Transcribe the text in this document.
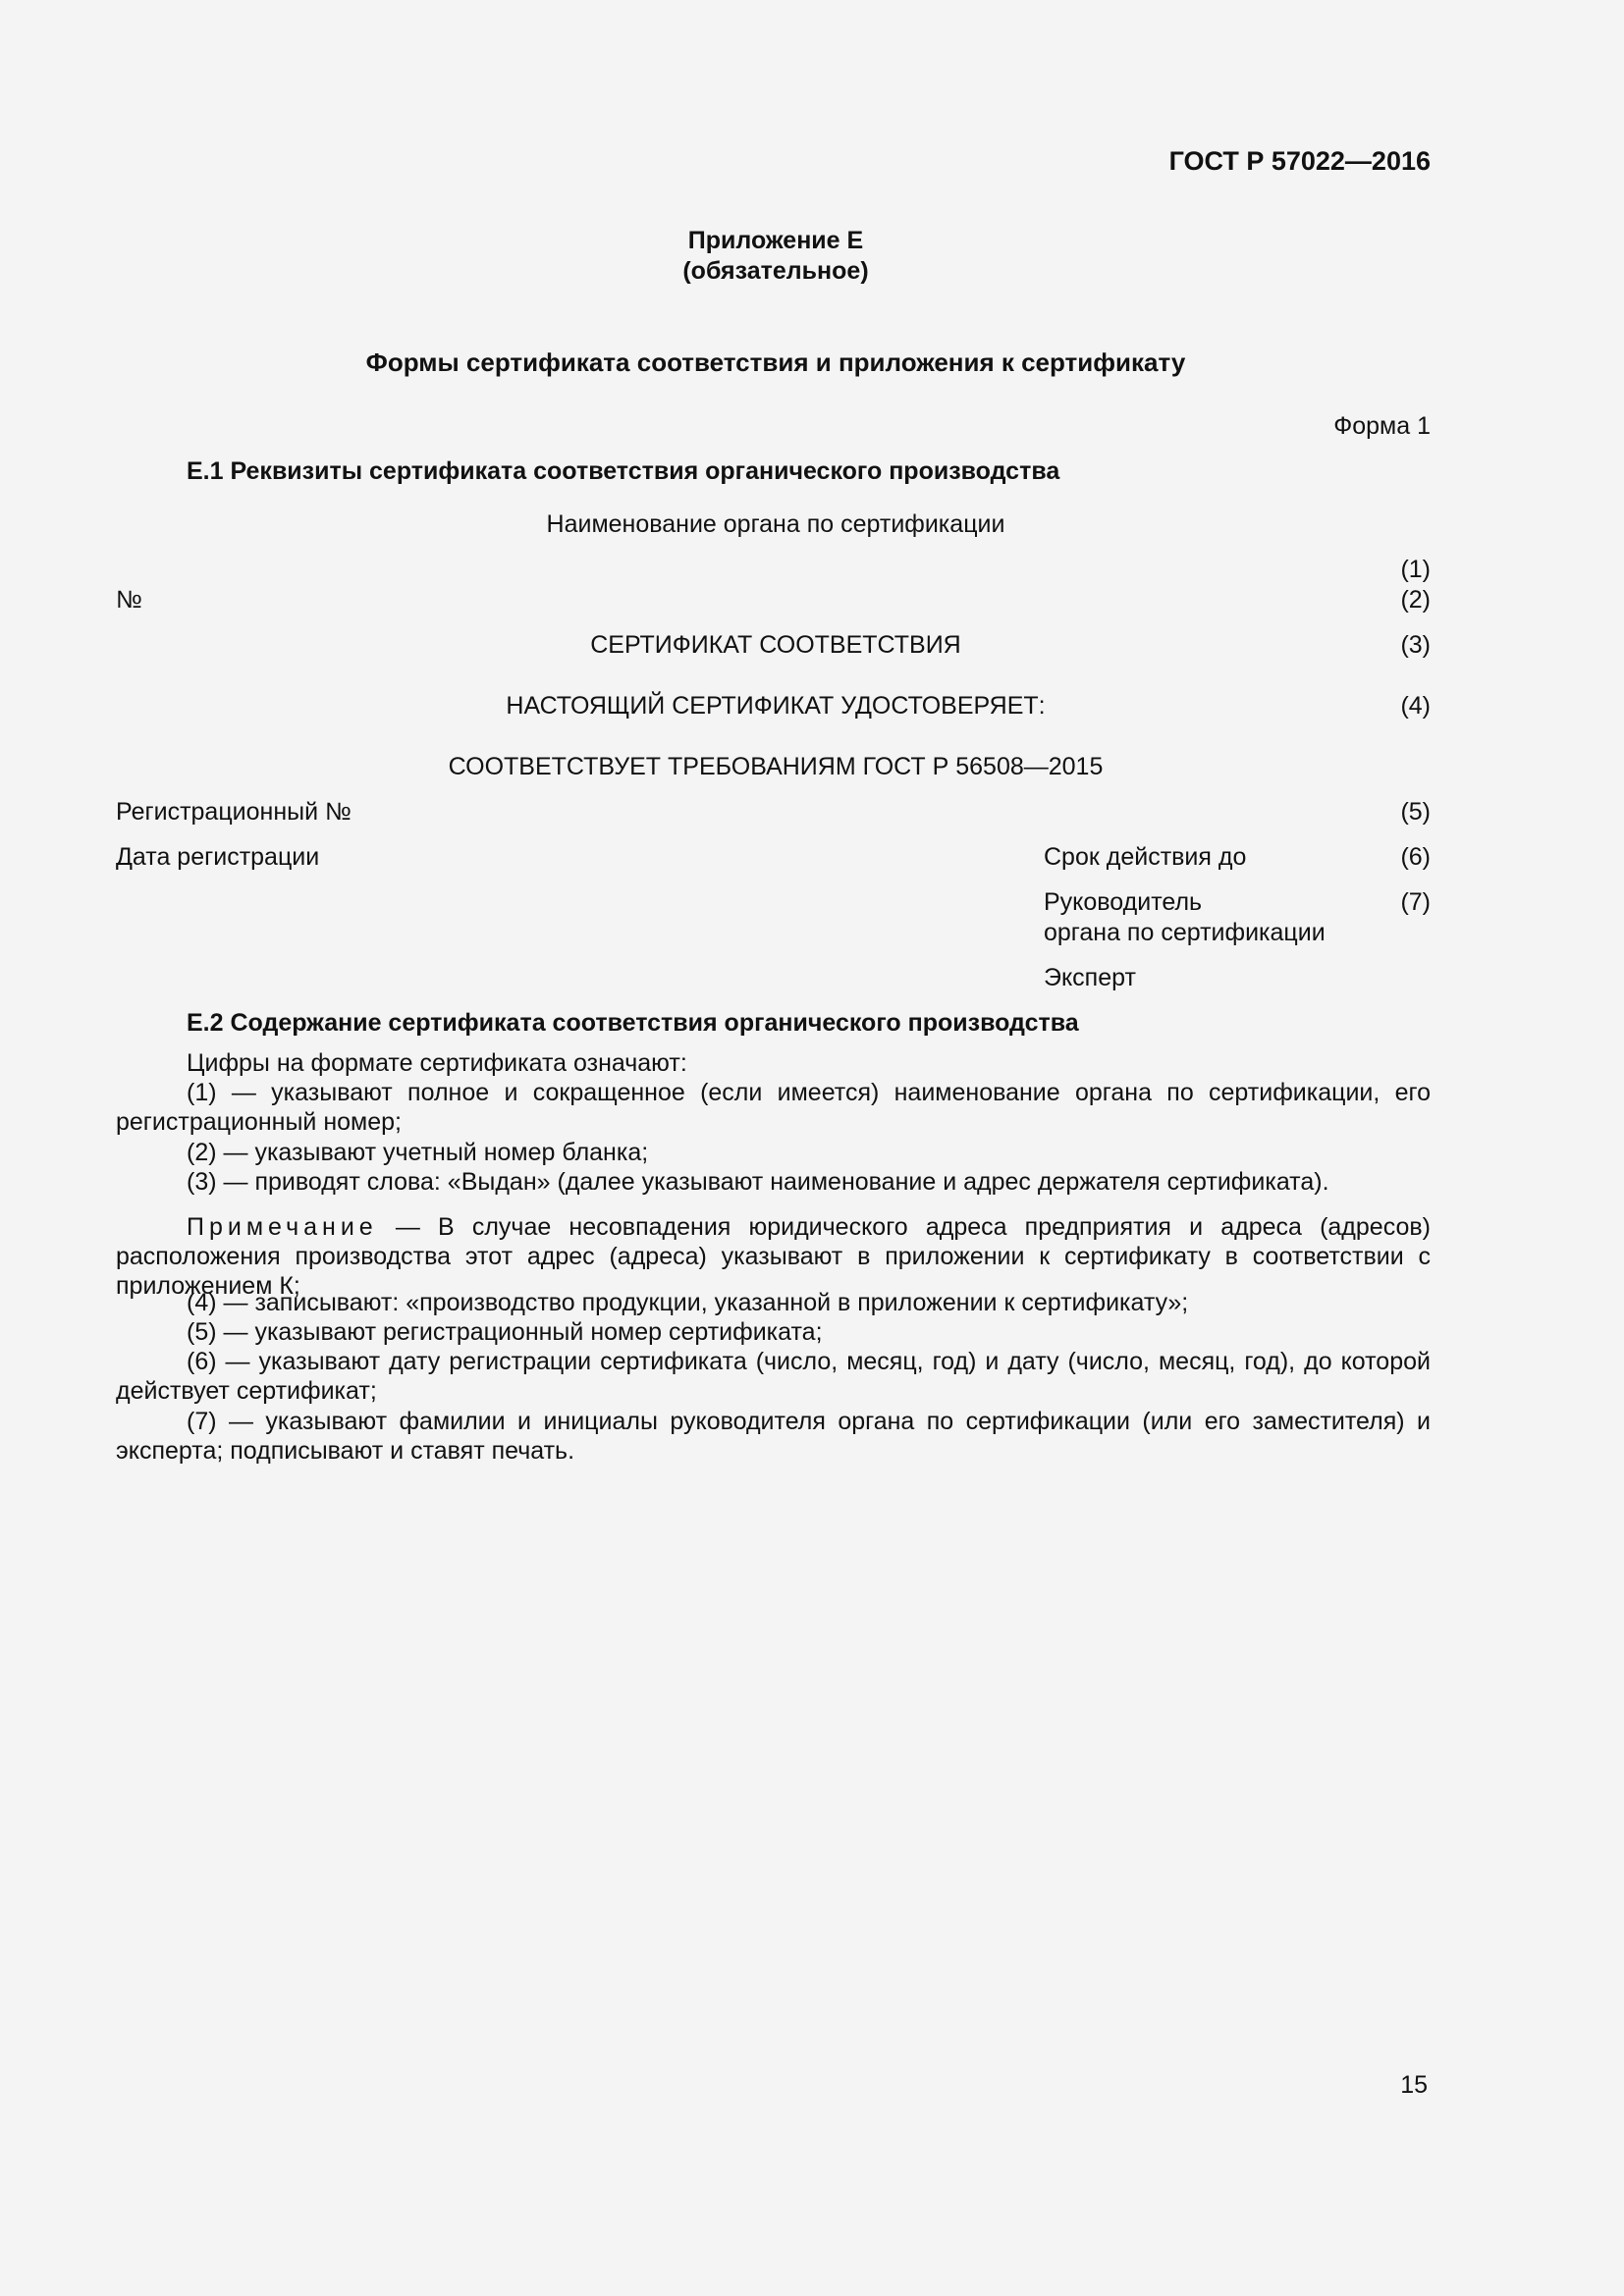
ГОСТ Р 57022—2016
Приложение Е
(обязательное)
Формы сертификата соответствия и приложения к сертификату
Форма 1
Е.1 Реквизиты сертификата соответствия органического производства
Наименование органа по сертификации
(1)
№	(2)
СЕРТИФИКАТ СООТВЕТСТВИЯ	(3)
НАСТОЯЩИЙ СЕРТИФИКАТ УДОСТОВЕРЯЕТ:	(4)
СООТВЕТСТВУЕТ ТРЕБОВАНИЯМ ГОСТ Р 56508—2015
Регистрационный №	(5)
Дата регистрации	Срок действия до	(6)
Руководитель
органа по сертификации
(7)
Эксперт
Е.2 Содержание сертификата соответствия органического производства
Цифры на формате сертификата означают:
(1) — указывают полное и сокращенное (если имеется) наименование органа по сертификации, его регистрационный номер;
(2) — указывают учетный номер бланка;
(3) — приводят слова: «Выдан» (далее указывают наименование и адрес держателя сертификата).
Примечание — В случае несовпадения юридического адреса предприятия и адреса (адресов) расположения производства этот адрес (адреса) указывают в приложении к сертификату в соответствии с приложением К;
(4) — записывают: «производство продукции, указанной в приложении к сертификату»;
(5) — указывают регистрационный номер сертификата;
(6) — указывают дату регистрации сертификата (число, месяц, год) и дату (число, месяц, год), до которой действует сертификат;
(7) — указывают фамилии и инициалы руководителя органа по сертификации (или его заместителя) и эксперта; подписывают и ставят печать.
15
